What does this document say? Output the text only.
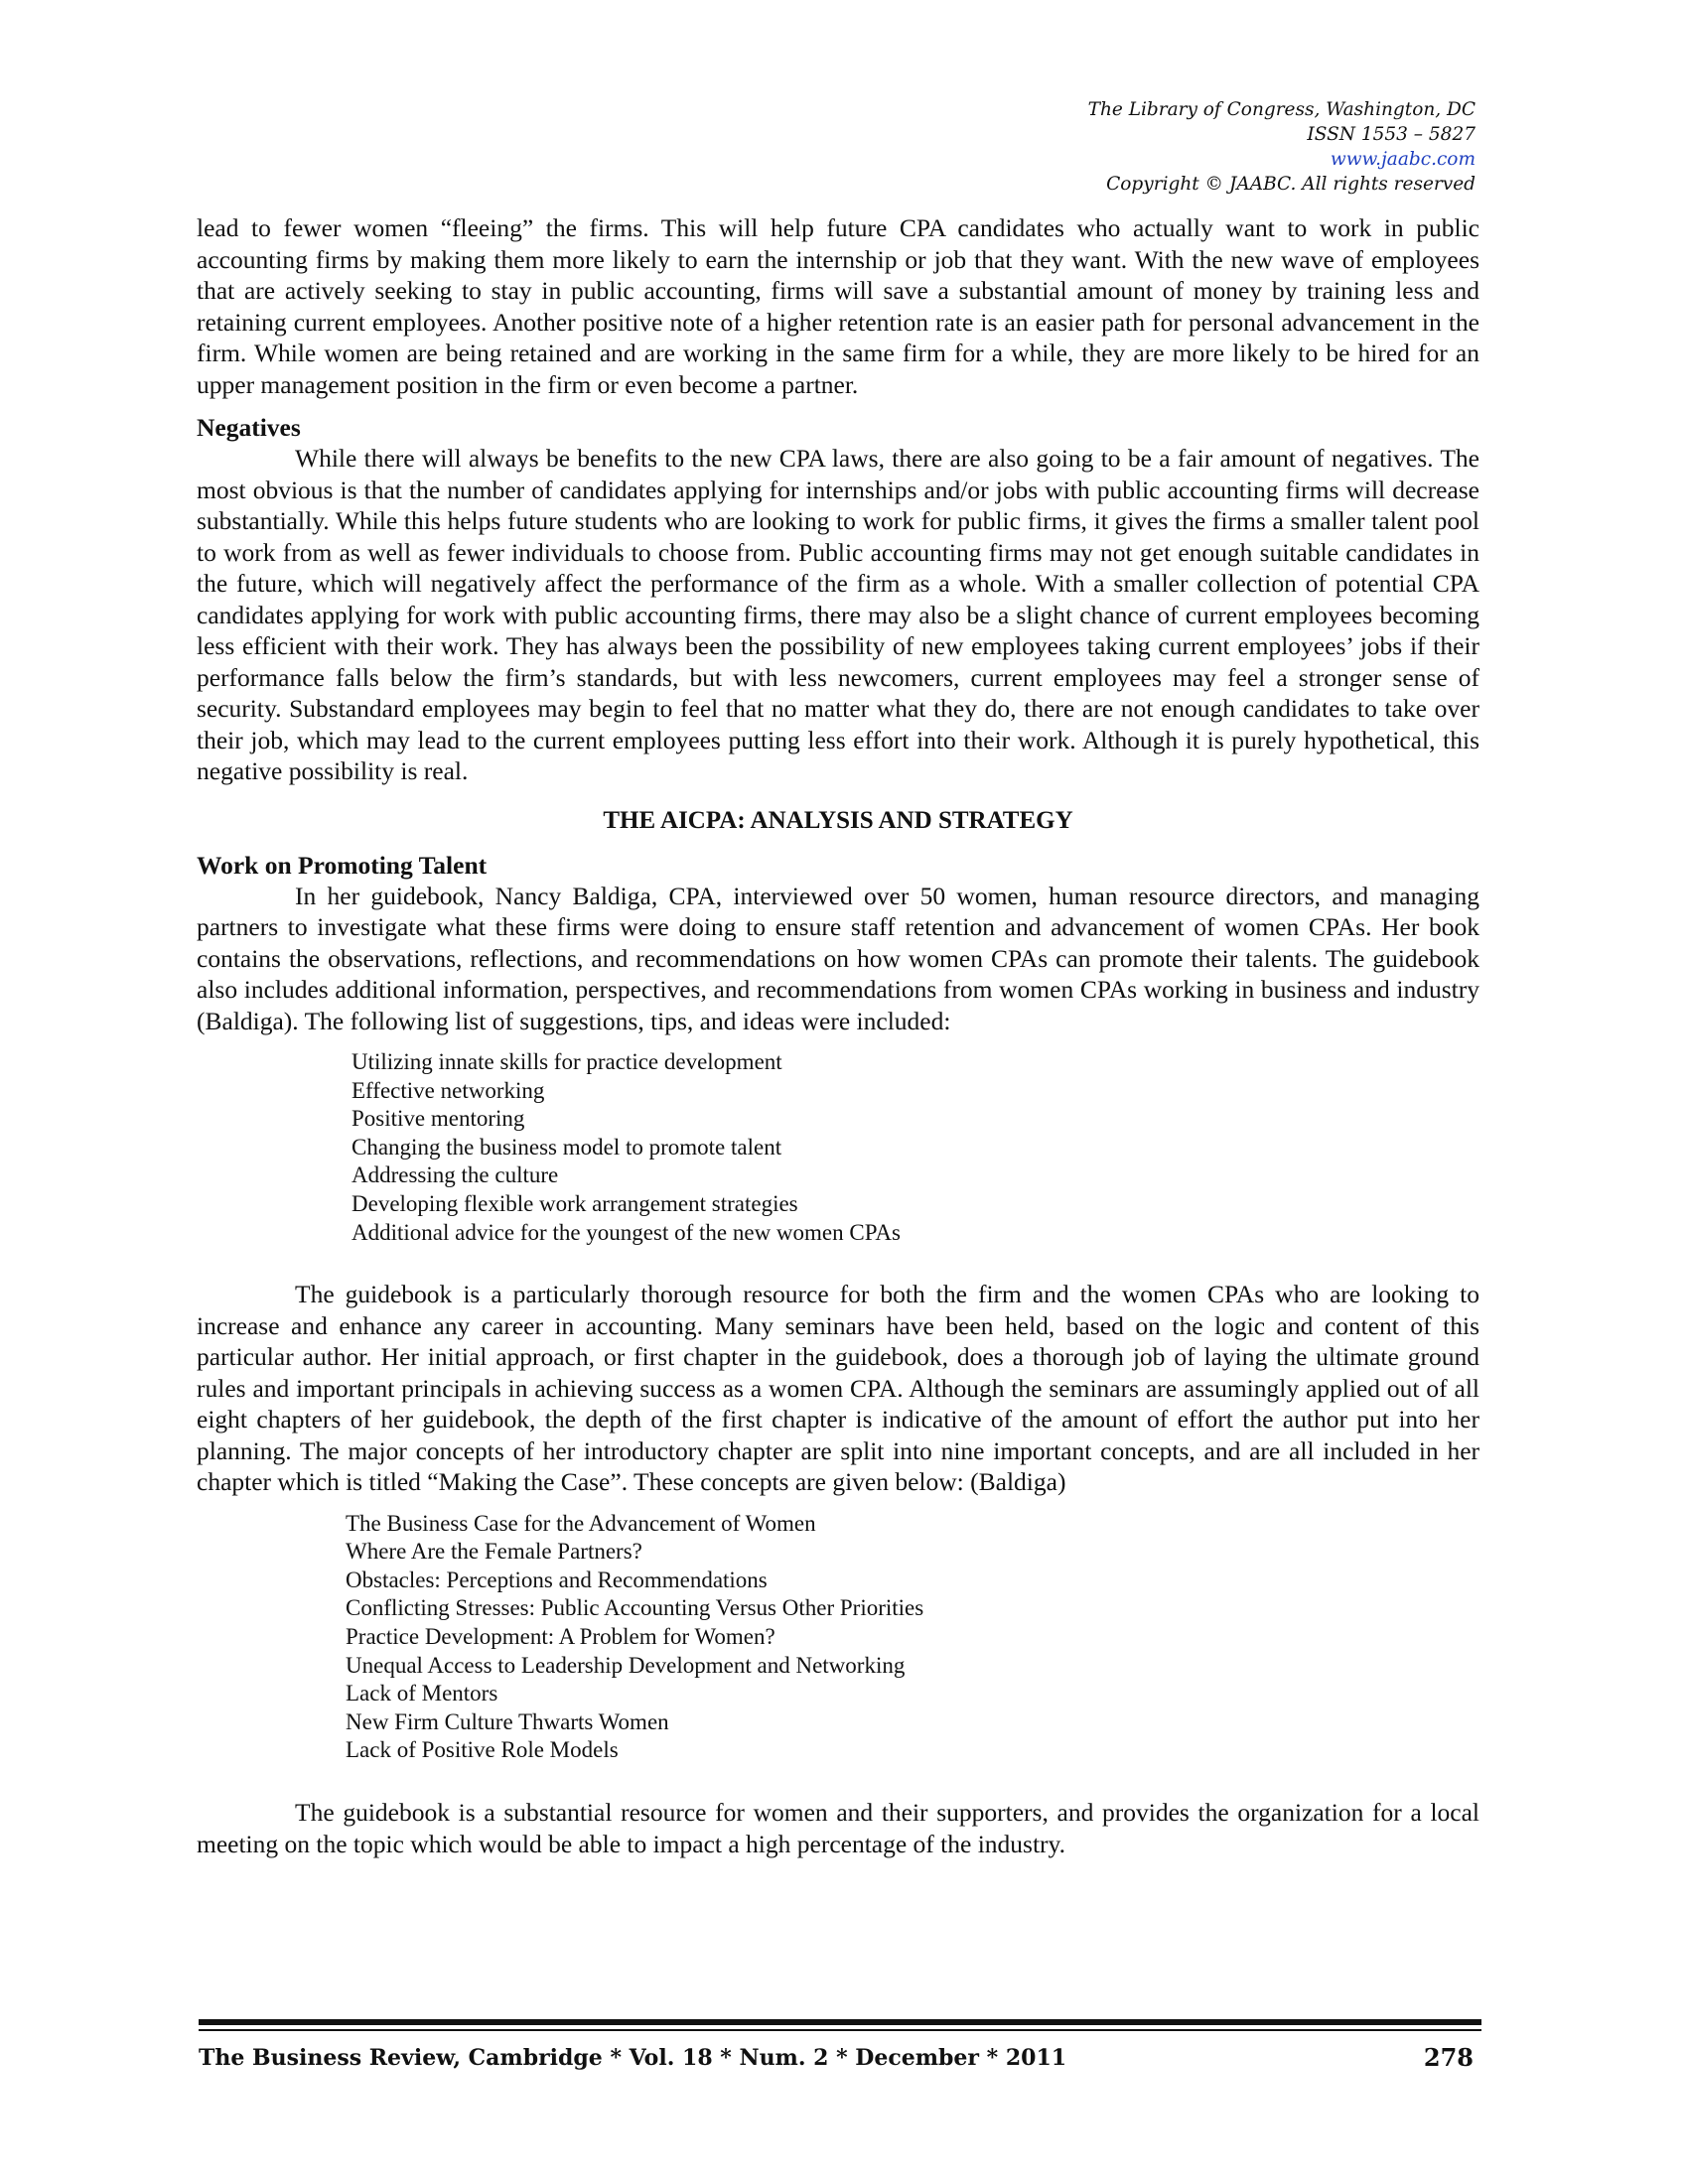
The Library of Congress, Washington, DC
ISSN 1553 – 5827
www.jaabc.com
Copyright © JAABC. All rights reserved

lead to fewer women “fleeing” the firms. This will help future CPA candidates who actually want to work in public accounting firms by making them more likely to earn the internship or job that they want. With the new wave of employees that are actively seeking to stay in public accounting, firms will save a substantial amount of money by training less and retaining current employees. Another positive note of a higher retention rate is an easier path for personal advancement in the firm. While women are being retained and are working in the same firm for a while, they are more likely to be hired for an upper management position in the firm or even become a partner.

Negatives

While there will always be benefits to the new CPA laws, there are also going to be a fair amount of negatives. The most obvious is that the number of candidates applying for internships and/or jobs with public accounting firms will decrease substantially. While this helps future students who are looking to work for public firms, it gives the firms a smaller talent pool to work from as well as fewer individuals to choose from. Public accounting firms may not get enough suitable candidates in the future, which will negatively affect the performance of the firm as a whole. With a smaller collection of potential CPA candidates applying for work with public accounting firms, there may also be a slight chance of current employees becoming less efficient with their work. They has always been the possibility of new employees taking current employees’ jobs if their performance falls below the firm’s standards, but with less newcomers, current employees may feel a stronger sense of security. Substandard employees may begin to feel that no matter what they do, there are not enough candidates to take over their job, which may lead to the current employees putting less effort into their work. Although it is purely hypothetical, this negative possibility is real.

THE AICPA: ANALYSIS AND STRATEGY
Work on Promoting Talent

In her guidebook, Nancy Baldiga, CPA, interviewed over 50 women, human resource directors, and managing partners to investigate what these firms were doing to ensure staff retention and advancement of women CPAs. Her book contains the observations, reflections, and recommendations on how women CPAs can promote their talents. The guidebook also includes additional information, perspectives, and recommendations from women CPAs working in business and industry (Baldiga). The following list of suggestions, tips, and ideas were included:

Utilizing innate skills for practice development
Effective networking
Positive mentoring
Changing the business model to promote talent
Addressing the culture
Developing flexible work arrangement strategies
Additional advice for the youngest of the new women CPAs

The guidebook is a particularly thorough resource for both the firm and the women CPAs who are looking to increase and enhance any career in accounting. Many seminars have been held, based on the logic and content of this particular author. Her initial approach, or first chapter in the guidebook, does a thorough job of laying the ultimate ground rules and important principals in achieving success as a women CPA. Although the seminars are assumingly applied out of all eight chapters of her guidebook, the depth of the first chapter is indicative of the amount of effort the author put into her planning. The major concepts of her introductory chapter are split into nine important concepts, and are all included in her chapter which is titled “Making the Case”. These concepts are given below: (Baldiga)

The Business Case for the Advancement of Women
Where Are the Female Partners?
Obstacles: Perceptions and Recommendations
Conflicting Stresses: Public Accounting Versus Other Priorities
Practice Development: A Problem for Women?
Unequal Access to Leadership Development and Networking
Lack of Mentors
New Firm Culture Thwarts Women
Lack of Positive Role Models

The guidebook is a substantial resource for women and their supporters, and provides the organization for a local meeting on the topic which would be able to impact a high percentage of the industry.

The Business Review, Cambridge * Vol. 18 * Num. 2 * December * 2011	278
